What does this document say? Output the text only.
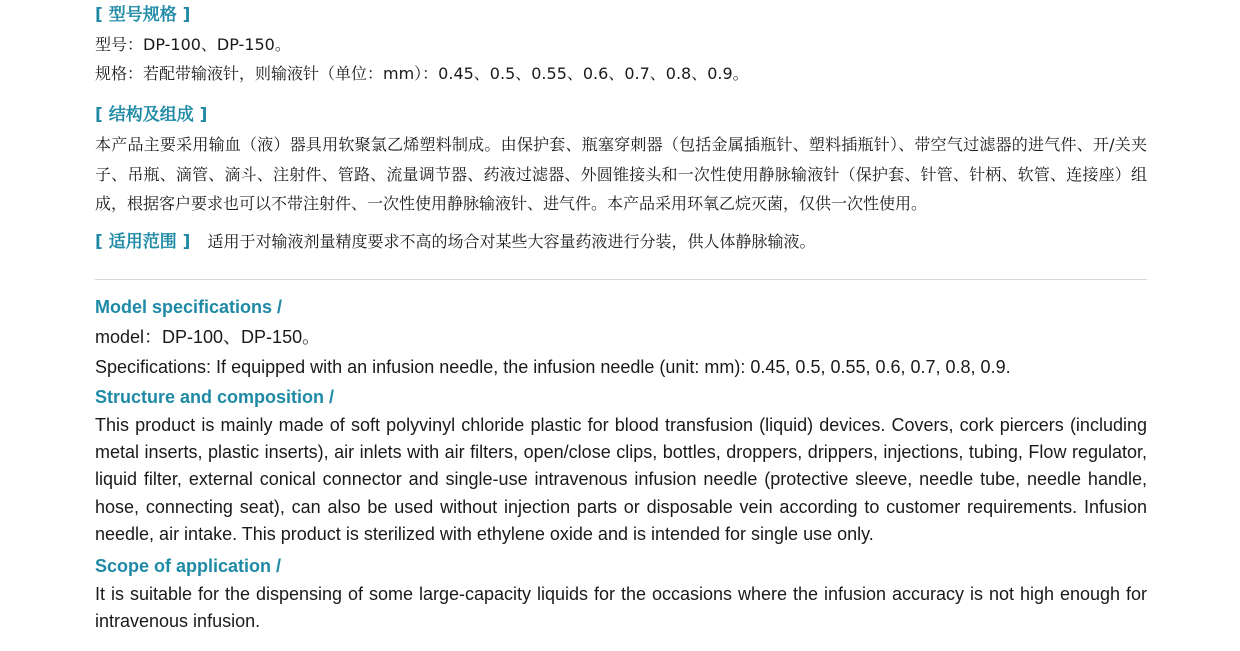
[ 型号规格 ]

型号：DP-100、DP-150。

规格：若配带输液针，则输液针（单位：mm）：0.45、0.5、0.55、0.6、0.7、0.8、0.9。

[ 结构及组成 ]

本产品主要采用输血（液）器具用软聚氯乙烯塑料制成。由保护套、瓶塞穿刺器（包括金属插瓶针、塑料插瓶针）、带空气过滤器的进气件、开/关夹子、吊瓶、滴管、滴斗、注射件、管路、流量调节器、药液过滤器、外圆锥接头和一次性使用静脉输液针（保护套、针管、针柄、软管、连接座）组成，根据客户要求也可以不带注射件、一次性使用静脉输液针、进气件。本产品采用环氧乙烷灭菌，仅供一次性使用。

[ 适用范围 ] 适用于对输液剂量精度要求不高的场合对某些大容量药液进行分装，供人体静脉输液。
Model specifications /

model：DP-100、DP-150。

Specifications: If equipped with an infusion needle, the infusion needle (unit: mm): 0.45, 0.5, 0.55, 0.6, 0.7, 0.8, 0.9.

Structure and composition /

This product is mainly made of soft polyvinyl chloride plastic for blood transfusion (liquid) devices. Covers, cork piercers (including metal inserts, plastic inserts), air inlets with air filters, open/close clips, bottles, droppers, drippers, injections, tubing, Flow regulator, liquid filter, external conical connector and single-use intravenous infusion needle (protective sleeve, needle tube, needle handle, hose, connecting seat), can also be used without injection parts or disposable vein according to customer requirements. Infusion needle, air intake. This product is sterilized with ethylene oxide and is intended for single use only.

Scope of application /

It is suitable for the dispensing of some large-capacity liquids for the occasions where the infusion accuracy is not high enough for intravenous infusion.
